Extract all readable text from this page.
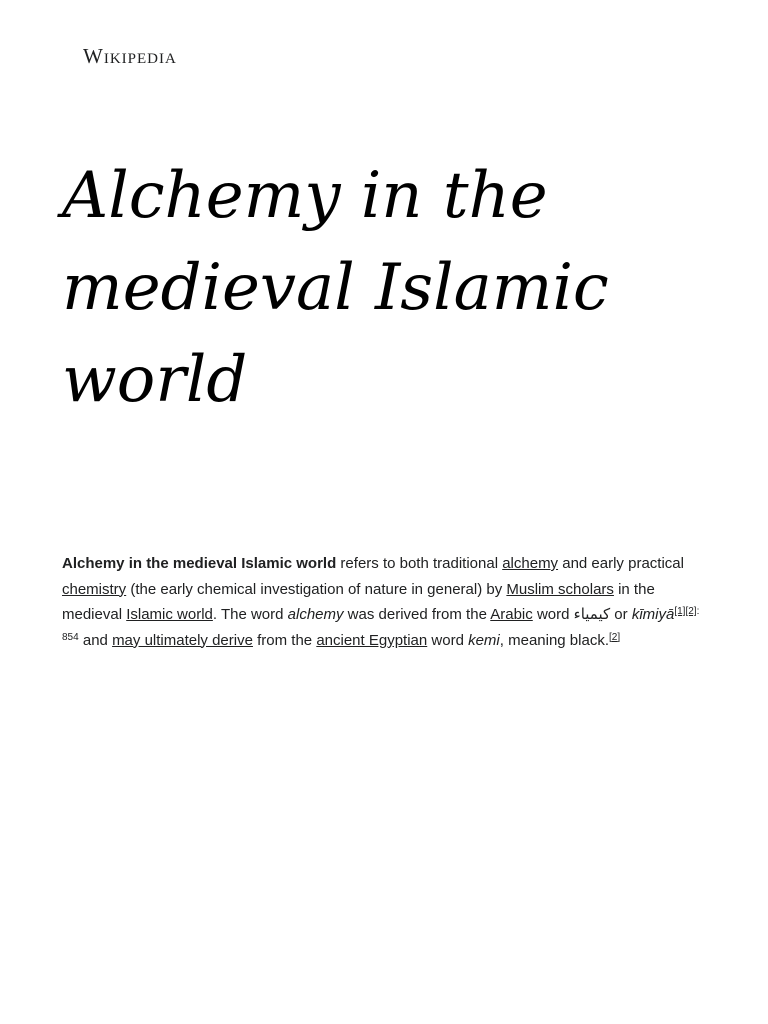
Wikipedia
Alchemy in the medieval Islamic world

Alchemy in the medieval Islamic world refers to both traditional alchemy and early practical chemistry (the early chemical investigation of nature in general) by Muslim scholars in the medieval Islamic world. The word alchemy was derived from the Arabic word كيمياء or kīmiyā$^{[1][2]: 854}$ and may ultimately derive from the ancient Egyptian word kemi, meaning black.[2]
